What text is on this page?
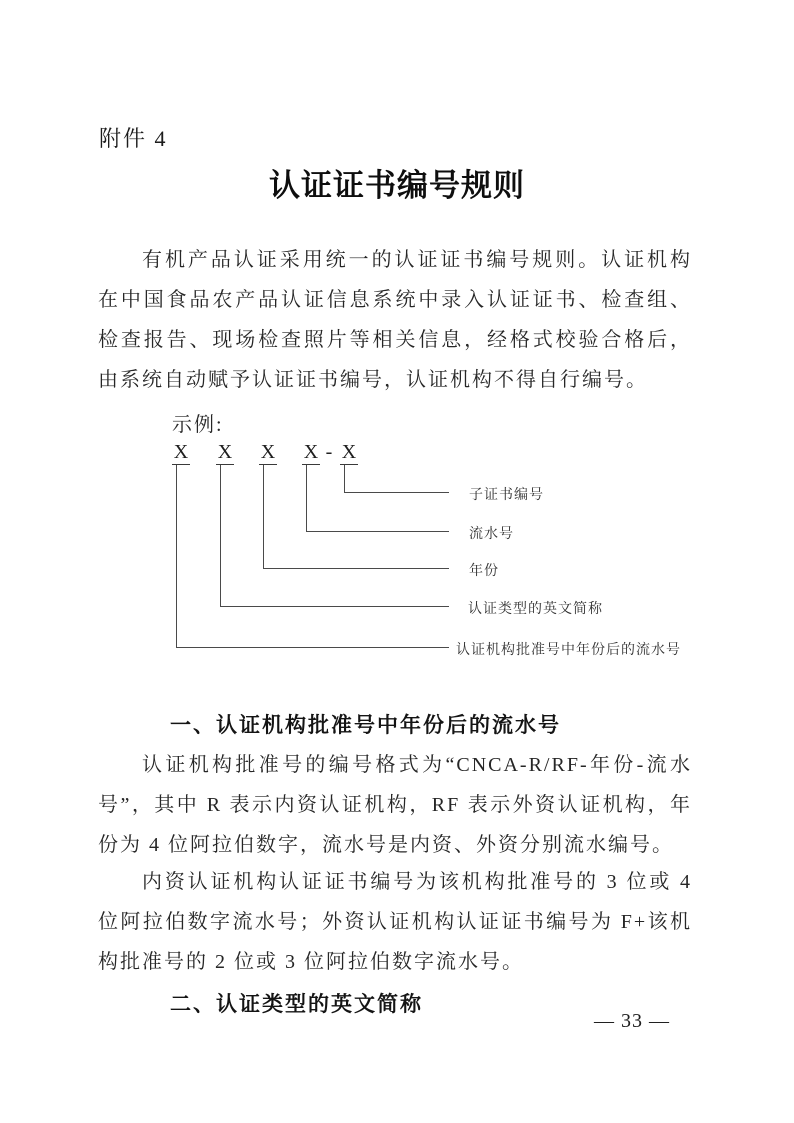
附件 4
认证证书编号规则
有机产品认证采用统一的认证证书编号规则。认证机构
在中国食品农产品认证信息系统中录入认证证书、检查组、
检查报告、现场检查照片等相关信息，经格式校验合格后，
由系统自动赋予认证证书编号，认证机构不得自行编号。
示例:
X X X X - X
子证书编号
流水号
年份
认证类型的英文简称
认证机构批准号中年份后的流水号
一、认证机构批准号中年份后的流水号
认证机构批准号的编号格式为“CNCA-R/RF-年份-流水
号”，其中 R 表示内资认证机构，RF 表示外资认证机构，年
份为 4 位阿拉伯数字，流水号是内资、外资分别流水编号。
内资认证机构认证证书编号为该机构批准号的 3 位或 4
位阿拉伯数字流水号；外资认证机构认证证书编号为 F+该机
构批准号的 2 位或 3 位阿拉伯数字流水号。
二、认证类型的英文简称
— 33 —
